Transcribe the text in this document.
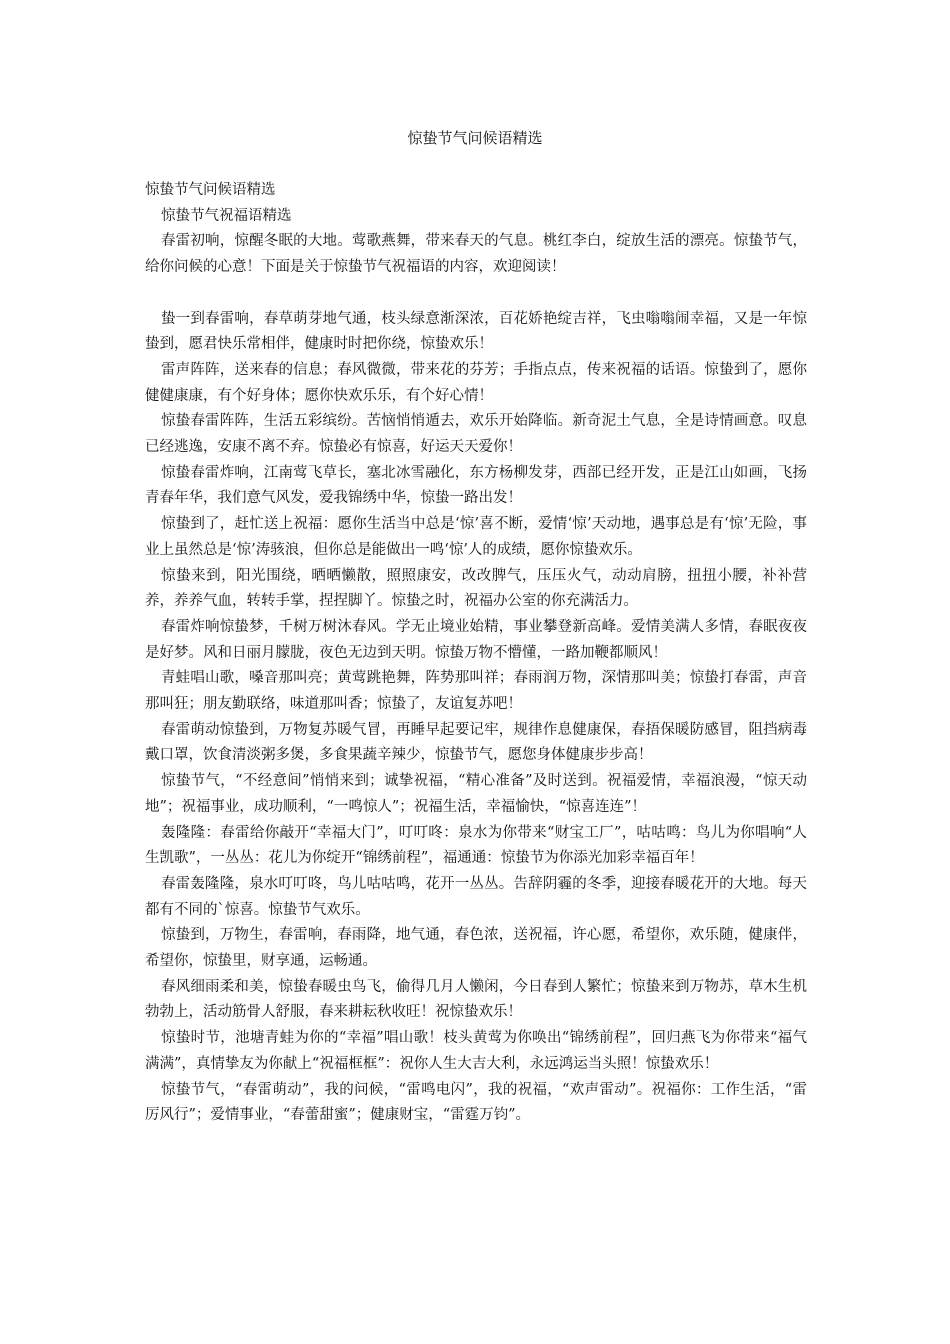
惊蛰节气问候语精选

惊蛰节气问候语精选

惊蛰节气祝福语精选

春雷初响，惊醒冬眠的大地。莺歌燕舞，带来春天的气息。桃红李白，绽放生活的漂亮。惊蛰节气，给你问候的心意！下面是关于惊蛰节气祝福语的内容，欢迎阅读！

蛰一到春雷响，春草萌芽地气通，枝头绿意渐深浓，百花娇艳绽吉祥，飞虫嗡嗡闹幸福，又是一年惊蛰到，愿君快乐常相伴，健康时时把你绕，惊蛰欢乐！

雷声阵阵，送来春的信息；春风微微，带来花的芬芳；手指点点，传来祝福的话语。惊蛰到了，愿你健健康康，有个好身体；愿你快欢乐乐，有个好心情！

惊蛰春雷阵阵，生活五彩缤纷。苦恼悄悄遁去，欢乐开始降临。新奇泥土气息，全是诗情画意。叹息已经逃逸，安康不离不弃。惊蛰必有惊喜，好运天天爱你！

惊蛰春雷炸响，江南莺飞草长，塞北冰雪融化，东方杨柳发芽，西部已经开发，正是江山如画，飞扬青春年华，我们意气风发，爱我锦绣中华，惊蛰一路出发！

惊蛰到了，赶忙送上祝福：愿你生活当中总是‘惊’喜不断，爱情‘惊’天动地，遇事总是有‘惊’无险，事业上虽然总是‘惊’涛骇浪，但你总是能做出一鸣‘惊’人的成绩，愿你惊蛰欢乐。

惊蛰来到，阳光围绕，晒晒懒散，照照康安，改改脾气，压压火气，动动肩膀，扭扭小腰，补补营养，养养气血，转转手掌，捏捏脚丫。惊蛰之时，祝福办公室的你充满活力。

春雷炸响惊蛰梦，千树万树沐春风。学无止境业始精，事业攀登新高峰。爱情美满人多情，春眠夜夜是好梦。风和日丽月朦胧，夜色无边到天明。惊蛰万物不懵懂，一路加鞭都顺风！

青蛙唱山歌，嗓音那叫亮；黄莺跳艳舞，阵势那叫祥；春雨润万物，深情那叫美；惊蛰打春雷，声音那叫狂；朋友勤联络，味道那叫香；惊蛰了，友谊复苏吧！

春雷萌动惊蛰到，万物复苏暖气冒，再睡早起要记牢，规律作息健康保，春捂保暖防感冒，阻挡病毒戴口罩，饮食清淡粥多煲，多食果蔬辛辣少，惊蛰节气，愿您身体健康步步高！

惊蛰节气，“不经意间”悄悄来到；诚挚祝福，“精心准备”及时送到。祝福爱情，幸福浪漫，“惊天动地”；祝福事业，成功顺利，“一鸣惊人”；祝福生活，幸福愉快，“惊喜连连”！

轰隆隆：春雷给你敲开“幸福大门”，叮叮咚：泉水为你带来“财宝工厂”，咕咕鸣：鸟儿为你唱响“人生凯歌”，一丛丛：花儿为你绽开“锦绣前程”，福通通：惊蛰节为你添光加彩幸福百年！

春雷轰隆隆，泉水叮叮咚，鸟儿咕咕鸣，花开一丛丛。告辞阴霾的冬季，迎接春暖花开的大地。每天都有不同的`惊喜。惊蛰节气欢乐。

惊蛰到，万物生，春雷响，春雨降，地气通，春色浓，送祝福，许心愿，希望你，欢乐随，健康伴，希望你，惊蛰里，财享通，运畅通。

春风细雨柔和美，惊蛰春暖虫鸟飞，偷得几月人懒闲，今日春到人繁忙；惊蛰来到万物苏，草木生机勃勃上，活动筋骨人舒服，春来耕耘秋收旺！祝惊蛰欢乐！

惊蛰时节，池塘青蛙为你的“幸福”唱山歌！枝头黄莺为你唤出“锦绣前程”，回归燕飞为你带来“福气满满”，真情挚友为你献上“祝福框框”：祝你人生大吉大利，永远鸿运当头照！惊蛰欢乐！

惊蛰节气，“春雷萌动”，我的问候，“雷鸣电闪”，我的祝福，“欢声雷动”。祝福你：工作生活，“雷厉风行”；爱情事业，“春蕾甜蜜”；健康财宝，“雷霆万钧”。
